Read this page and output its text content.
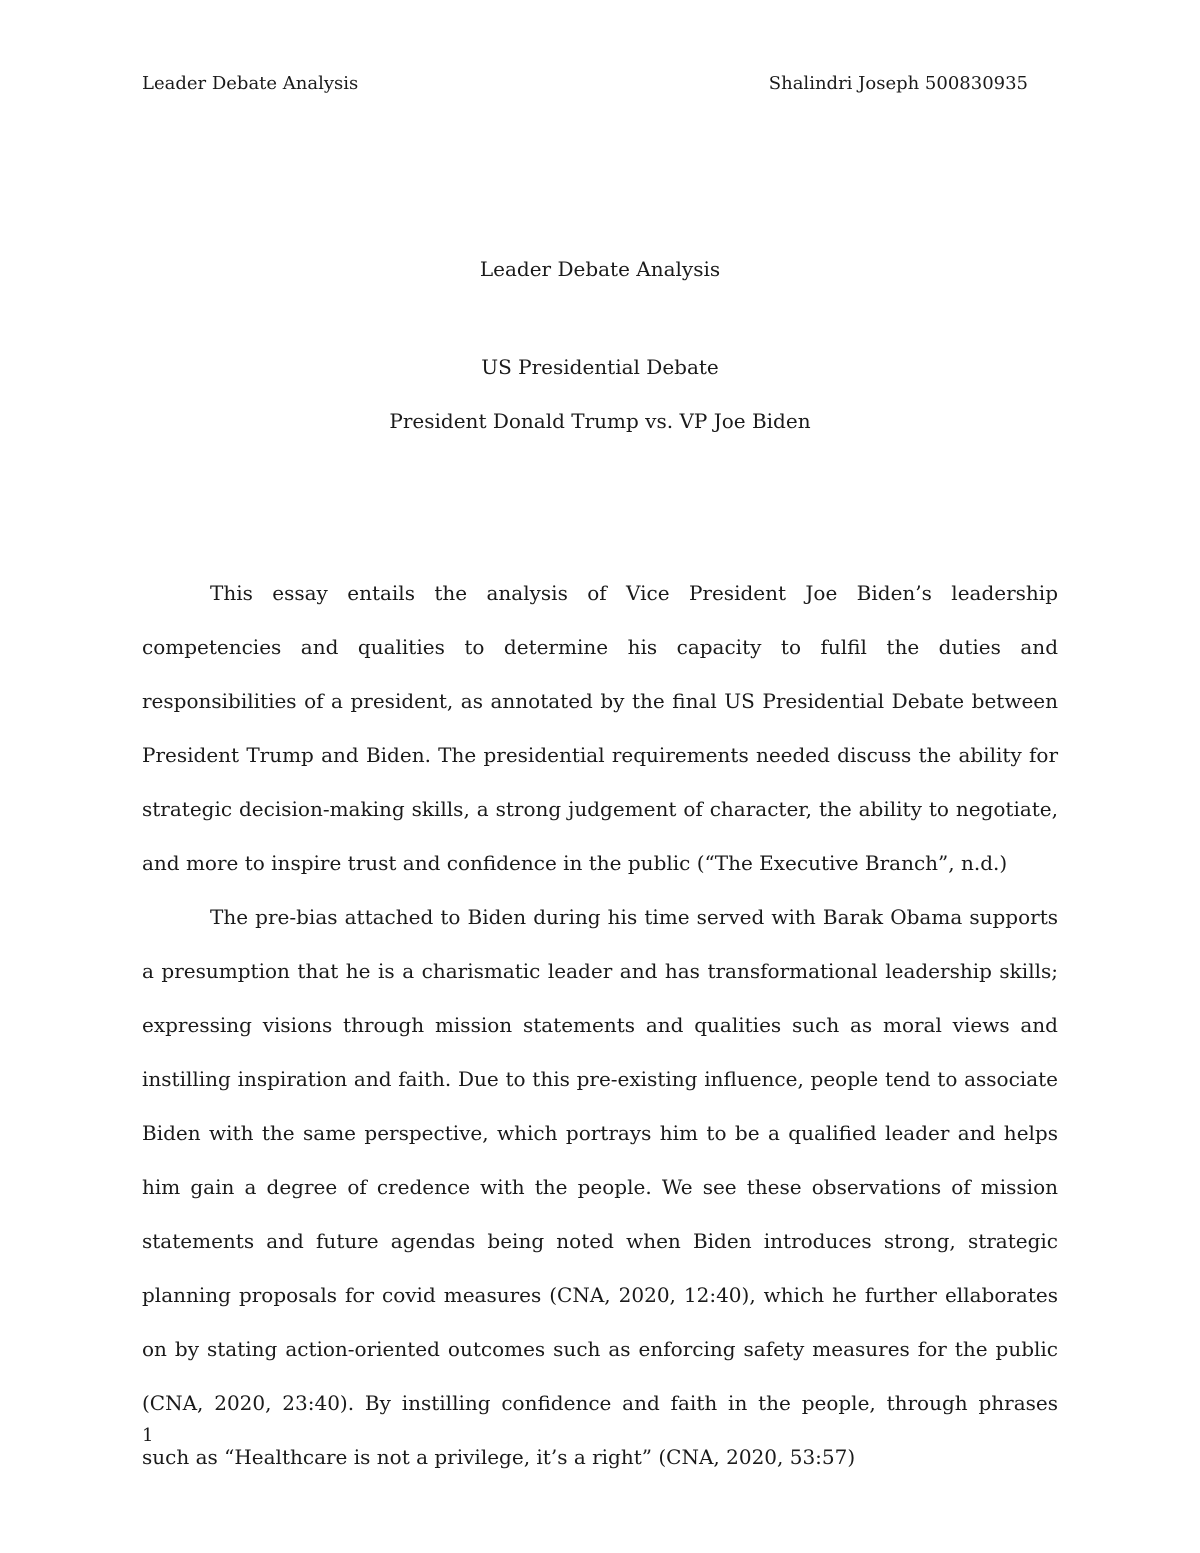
Leader Debate Analysis	Shalindri Joseph 500830935
Leader Debate Analysis
US Presidential Debate
President Donald Trump vs. VP Joe Biden

This essay entails the analysis of Vice President Joe Biden’s leadership competencies and qualities to determine his capacity to fulfil the duties and responsibilities of a president, as annotated by the final US Presidential Debate between President Trump and Biden. The presidential requirements needed discuss the ability for strategic decision-making skills, a strong judgement of character, the ability to negotiate, and more to inspire trust and confidence in the public (“The Executive Branch”, n.d.)

The pre-bias attached to Biden during his time served with Barak Obama supports a presumption that he is a charismatic leader and has transformational leadership skills; expressing visions through mission statements and qualities such as moral views and instilling inspiration and faith. Due to this pre-existing influence, people tend to associate Biden with the same perspective, which portrays him to be a qualified leader and helps him gain a degree of credence with the people. We see these observations of mission statements and future agendas being noted when Biden introduces strong, strategic planning proposals for covid measures (CNA, 2020, 12:40), which he further ellaborates on by stating action-oriented outcomes such as enforcing safety measures for the public (CNA, 2020, 23:40). By instilling confidence and faith in the people, through phrases such as “Healthcare is not a privilege, it’s a right” (CNA, 2020, 53:57)

1
